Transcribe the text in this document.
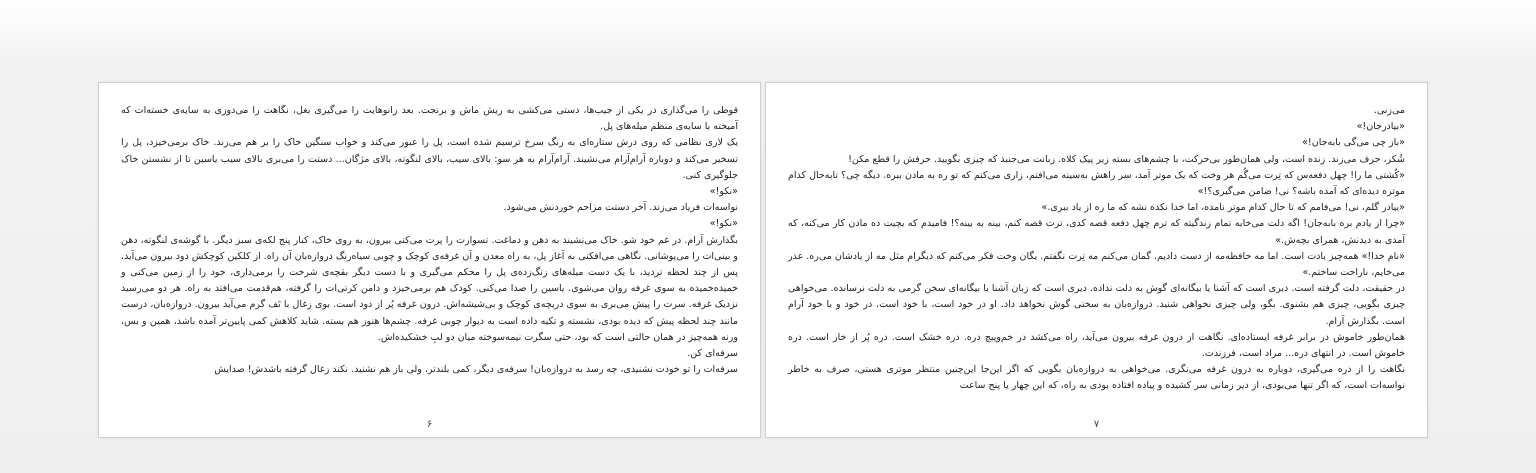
قوطی را می‌گذاری در یکی از جیب‌ها، دستی می‌کشی به ریش ماش و برنجت. بعد زانوهایت را می‌گیری بغل، نگاهت را می‌دوزی به سایه‌ی خسته‌ات که آمیخته با سایه‌ی منظم میله‌های پل.

یک لاری نظامی که روی درش ستاره‌ای به رنگ سرخ ترسیم شده است، پل را عبور می‌کند و خواب سنگین خاک را بر هم می‌زند. خاک برمی‌خیزد، پل را تسخیر می‌کند و دوباره آرام‌آرام می‌نشیند. آرام‌آرام به هر سو: بالای سیب، بالای لنگوته، بالای مژگان... دستت را می‌بری بالای سیب یاسین تا از نشستن خاک جلوگیری کنی.

«نکو!»

نواسه‌ات فریاد می‌زند. آخر دستت مزاحم خوردنش می‌شود.

«نکو!»

بگذارش آرام. در غم خود شو. خاک می‌نشیند به دهن و دماغت. تسوارت را پرت می‌کنی بیرون، به روی خاک، کنار پنج لکه‌ی سبز دیگر. با گوشه‌ی لنگوته، دهن و بینی‌ات را می‌پوشانی. نگاهی می‌افکنی به آغاز پل، به راه معدن و آن غرفه‌ی کوچک و چوبی سیاه‌رنگ دروازه‌بان آن راه. از کلکین کوچکش دود بیرون می‌آید. پس از چند لحظه تردید، با یک دست میله‌های زنگ‌زده‌ی پل را محکم می‌گیری و با دست دیگر بقچه‌ی شرخت را برمی‌داری، خود را از زمین می‌کنی و خمیده‌خمیده به سوی غرفه روان می‌شوی. یاسین را صدا می‌کنی. کودک هم برمی‌خیزد و دامن کرتی‌ات را گرفته، هم‌قدمت می‌افتد به راه. هر دو می‌رسید نزدیک غرفه. سرت را پیش می‌بری به سوی دریچه‌ی کوچک و بی‌شیشه‌اش. درون غرفه پُر از دود است. بوی زغال با تَف گرم می‌آید بیرون. دروازه‌بان، درست مانند چند لحظه پیش که دیده بودی، نشسته و تکیه داده است به دیوار چوبی غرفه. چشم‌ها هنوز هم بسته. شاید کلاهش کمی پایین‌تر آمده باشد، همین و بس، ورنه همه‌چیز در همان حالتی است که بود، حتی سگرت نیمه‌سوخته میان دو لبِ خشکیده‌اش.

سرفه‌ای کن.

سرفه‌ات را تو خودت نشنیدی، چه رسد به دروازه‌بان! سرفه‌ی دیگر، کمی بلندتر، ولی باز هم نشنید. نکند زغال گرفته باشدش! صدایش

۶

می‌زنی.

«بیادرجان!»

«باز چی می‌گی بابه‌جان!»

شُکر، حرف می‌زند. زنده است، ولی همان‌طور بی‌حرکت، با چشم‌های بسته زیر پیک کلاه. زبانت می‌جنبد که چیزی بگویید. حرفش را قطع مکن!

«کُشتی ما را! چهل دفعه‌س که تِرت می‌گُم هر وخت که یک موتر آمد، سر راهش به‌سینه می‌افتم، زاری می‌کنم که تو ره به مادن ببره. دیگه چی؟ تابه‌حال کدام موتره دیده‌ای که آمده باشه؟ نی! ضامن می‌گیری؟!»

«بیادر گلم، نی! می‌فامم که تا حال کدام موتر نامده، اما خدا نکده نشه که ما ره از یاد ببری.»

«چرا از یادم بره بابه‌جان! اگه دلت می‌خایه تمام زندگیته که ترم چهل دفعه قصه کدی، ترت قصه کنم، بینه به بینه؟! فامیدم که بچیت ده مادن کار می‌کنه، که آمدی به دیدنش، همرای بچه‌ش.»

«نام خدا!» همه‌چیز یادت است. اما مه حافظه‌مه از دست دادیم. گمان می‌کنم مه تِرت نگفتم. یگان وخت فکر می‌کنم که دیگرام مثل مه از یادشان می‌ره. عذر می‌خایم، ناراحت ساختم.»

در حقیقت، دلت گرفته است. دیری است که آشنا یا بیگانه‌ای گوش به دلت نداده. دیری است که زبان آشنا یا بیگانه‌ای سخن گرمی به دلت نرسانده. می‌خواهی چیزی بگویی، چیزی هم بشنوی. بگو، ولی چیزی نخواهی شنید. دروازه‌بان به سختی گوش نخواهد داد. او در خود است، با خود است. در خود و با خود آرام است. بگذارش آرام.

همان‌طور خاموش در برابر غرفه ایستاده‌ای. نگاهت از درون غرفه بیرون می‌آید، راه می‌کشد در خم‌وپیچ دره. دره خشک است. دره پُر از خار است. دره خاموش است. در انتهای دره... مراد است، فرزندت.

نگاهت را از دره می‌گیری، دوباره به درون غرفه می‌نگری. می‌خواهی به دروازه‌بان بگویی که اگر این‌جا این‌چنین منتظر موتری هستی، صرف به خاطر نواسه‌ات است، که اگر تنها می‌بودی، از دیر زمانی سر کشیده و پیاده افتاده بودی به راه، که این چهار یا پنج ساعت

۷
